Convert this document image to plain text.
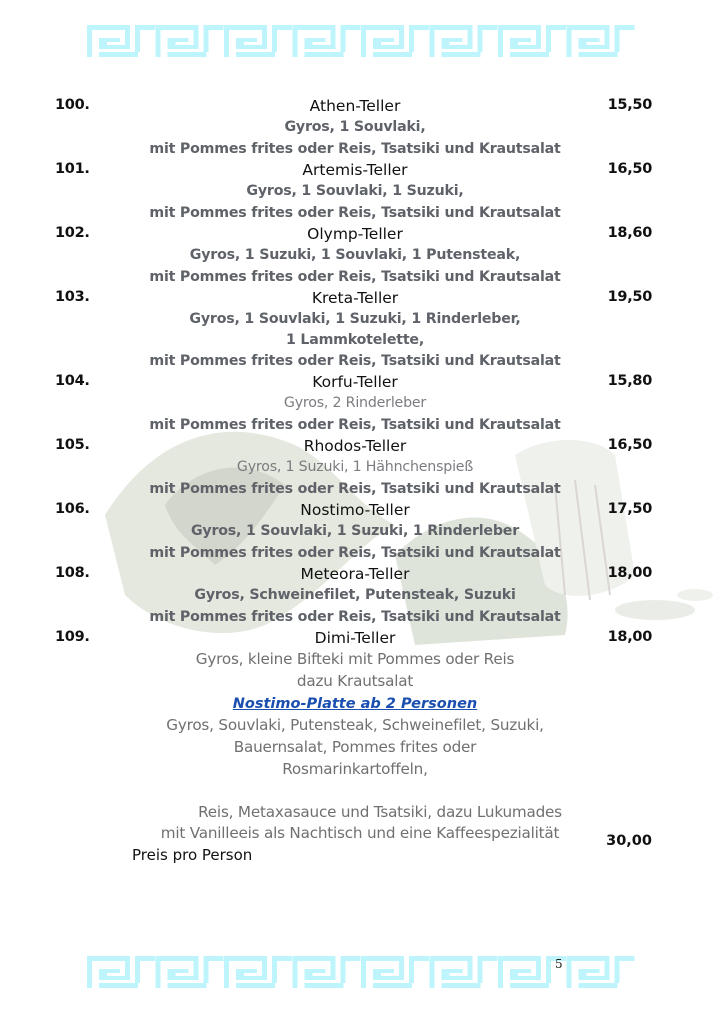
100.	Athen-Teller	15,50
Gyros, 1 Souvlaki,
mit Pommes frites oder Reis, Tsatsiki und Krautsalat
101.	Artemis-Teller	16,50
Gyros, 1 Souvlaki, 1 Suzuki,
mit Pommes frites oder Reis, Tsatsiki und Krautsalat
102.	Olymp-Teller	18,60
Gyros, 1 Suzuki, 1 Souvlaki, 1 Putensteak,
mit Pommes frites oder Reis, Tsatsiki und Krautsalat
103.	Kreta-Teller	19,50
Gyros, 1 Souvlaki, 1 Suzuki, 1 Rinderleber,
1 Lammkotelette,
mit Pommes frites oder Reis, Tsatsiki und Krautsalat
104.	Korfu-Teller	15,80
Gyros, 2 Rinderleber
mit Pommes frites oder Reis, Tsatsiki und Krautsalat
105.	Rhodos-Teller	16,50
Gyros, 1 Suzuki, 1 Hähnchenspieß
mit Pommes frites oder Reis, Tsatsiki und Krautsalat
106.	Nostimo-Teller	17,50
Gyros, 1 Souvlaki, 1 Suzuki, 1 Rinderleber
mit Pommes frites oder Reis, Tsatsiki und Krautsalat
108.	Meteora-Teller	18,00
Gyros, Schweinefilet, Putensteak, Suzuki
mit Pommes frites oder Reis, Tsatsiki und Krautsalat
109.	Dimi-Teller	18,00
Gyros, kleine Bifteki mit Pommes oder Reis
dazu Krautsalat
Nostimo-Platte ab 2 Personen
Gyros, Souvlaki, Putensteak, Schweinefilet, Suzuki,
Bauernsalat, Pommes frites oder
Rosmarinkartoffeln,
Reis, Metaxasauce und Tsatsiki, dazu Lukumades
mit Vanilleeis als Nachtisch und eine Kaffeespezialität
Preis pro Person
30,00
5
